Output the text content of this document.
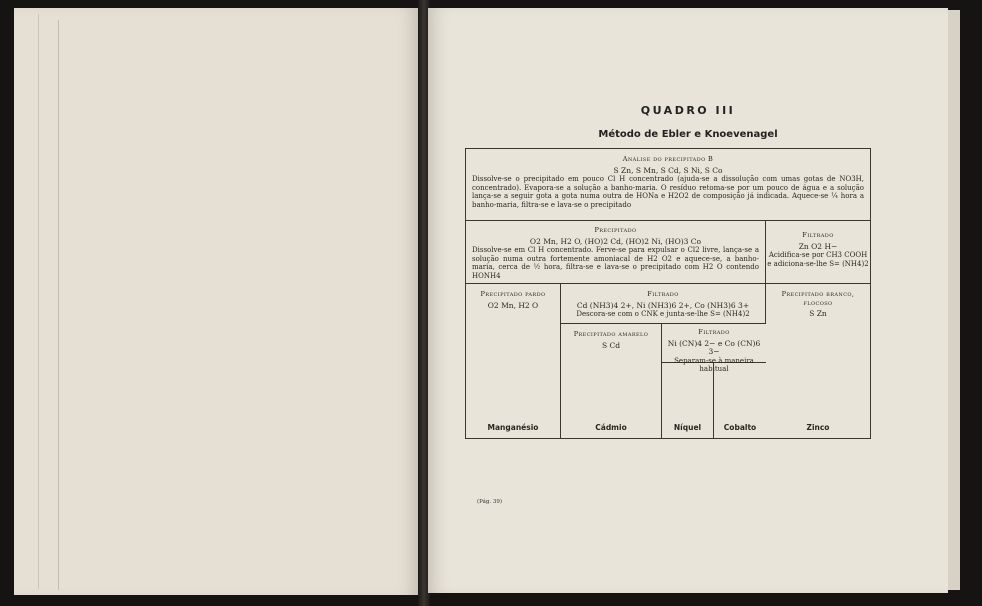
QUADRO III
Método de Ebler e Knoevenagel
Análise do precipitado B
S Zn, S Mn, S Cd, S Ni, S Co
Dissolve-se o precipitado em pouco Cl H concentrado (ajuda-se a dissolução com umas gotas de NO3H, concentrado). Evapora-se a solução a banho-maria. O resíduo retoma-se por um pouco de água e a solução lança-se a seguir gota a gota numa outra de HONa e H2O2 de composição já indicada. Aquece-se ¼ hora a banho-maria, filtra-se e lava-se o precipitado
Precipitado
O2 Mn, H2 O, (HO)2 Cd, (HO)2 Ni, (HO)3 Co
Dissolve-se em Cl H concentrado. Ferve-se para expulsar o Cl2 livre, lança-se a solução numa outra fortemente amoniacal de H2 O2 e aquece-se, a banho-maria, cerca de ½ hora, filtra-se e lava-se o precipitado com H2 O contendo HONH4
Filtrado
Zn O2 H−
Acidifica-se por CH3 COOH e adiciona-se-lhe S= (NH4)2
Precipitado pardo
O2 Mn, H2 O
Manganésio
Filtrado
Cd (NH3)4 2+, Ni (NH3)6 2+, Co (NH3)6 3+
Descora-se com o CNK e junta-se-lhe S= (NH4)2
Precipitado branco, flocoso
S Zn
Zinco
Precipitado amarelo
S Cd
Cádmio
Filtrado
Ni (CN)4 2− e Co (CN)6 3−
Separam-se à maneira habitual
Níquel	Cobalto
(Pág. 39)
